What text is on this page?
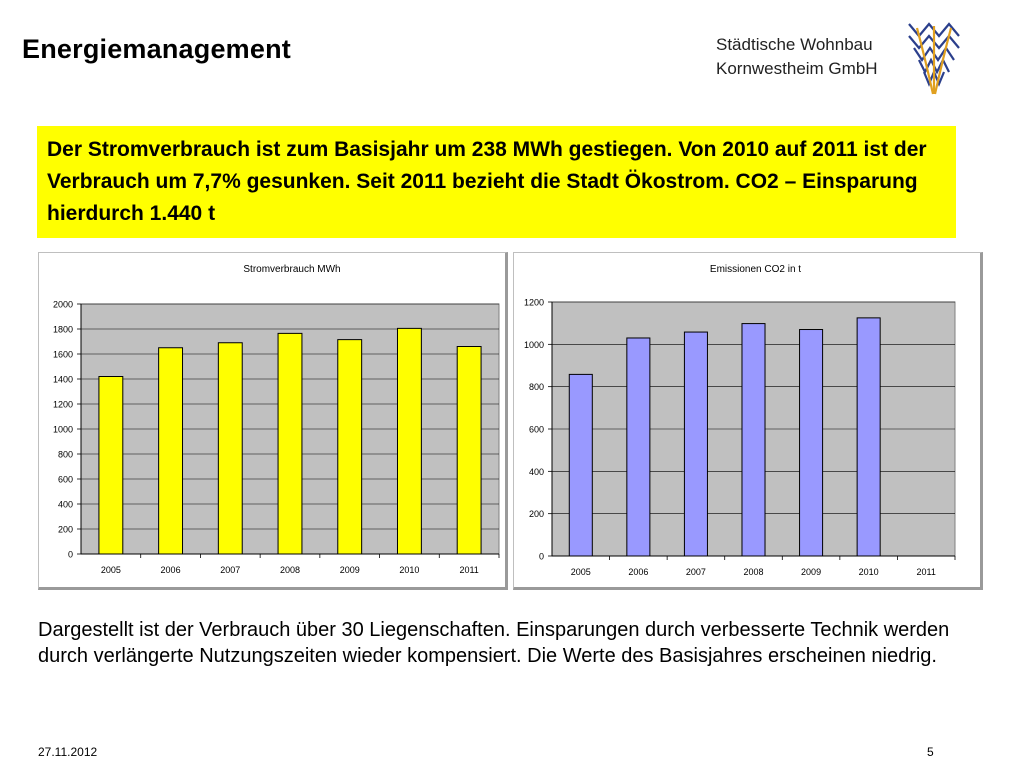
Energiemanagement	Städtische Wohnbau
Kornwestheim GmbH
Der Stromverbrauch ist zum Basisjahr um 238 MWh gestiegen. Von 2010 auf 2011 ist der Verbrauch um 7,7% gesunken. Seit 2011 bezieht die Stadt Ökostrom. CO2 – Einsparung hierdurch 1.440 t
Stromverbrauch MWh
0
200
400
600
800
1000
1200
1400
1600
1800
2000
2005	2006	2007	2008	2009	2010	2011
Emissionen CO2 in t
0
200
400
600
800
1000
1200
2005	2006	2007	2008	2009	2010	2011
Dargestellt ist der Verbrauch über 30 Liegenschaften. Einsparungen durch verbesserte Technik werden durch verlängerte Nutzungszeiten wieder kompensiert. Die Werte des Basisjahres erscheinen niedrig.
27.11.2012	5
